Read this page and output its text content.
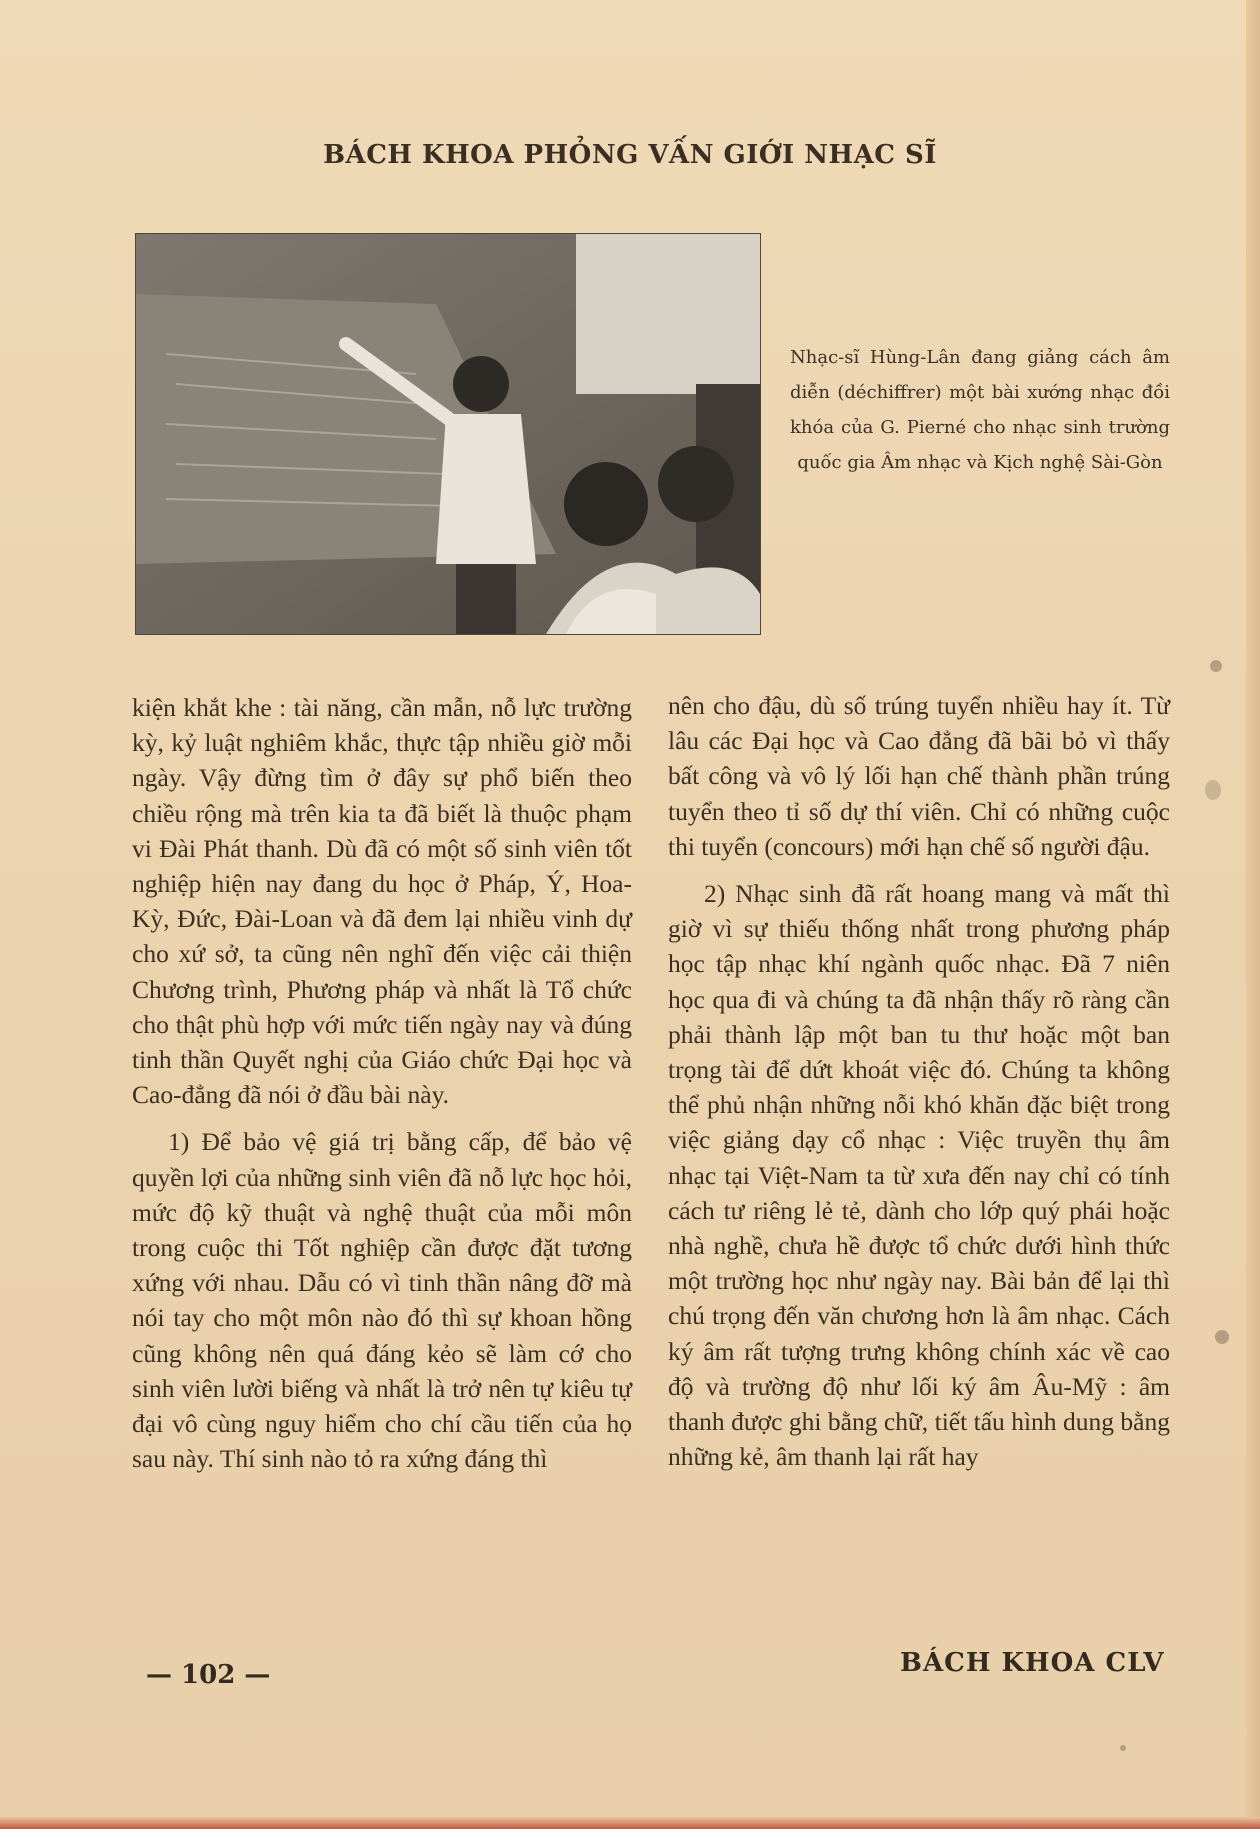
BÁCH KHOA PHỎNG VẤN GIỚI NHẠC SĨ
Nhạc-sĩ Hùng-Lân đang giảng cách âm diễn (déchiffrer) một bài xướng nhạc đồi khóa của G. Pierné cho nhạc sinh trường quốc gia Âm nhạc và Kịch nghệ Sài-Gòn

kiện khắt khe : tài năng, cần mẫn, nỗ lực trường kỳ, kỷ luật nghiêm khắc, thực tập nhiều giờ mỗi ngày. Vậy đừng tìm ở đây sự phổ biến theo chiều rộng mà trên kia ta đã biết là thuộc phạm vi Đài Phát thanh. Dù đã có một số sinh viên tốt nghiệp hiện nay đang du học ở Pháp, Ý, Hoa-Kỳ, Đức, Đài-Loan và đã đem lại nhiều vinh dự cho xứ sở, ta cũng nên nghĩ đến việc cải thiện Chương trình, Phương pháp và nhất là Tổ chức cho thật phù hợp với mức tiến ngày nay và đúng tinh thần Quyết nghị của Giáo chức Đại học và Cao-đẳng đã nói ở đầu bài này.

1) Để bảo vệ giá trị bằng cấp, để bảo vệ quyền lợi của những sinh viên đã nỗ lực học hỏi, mức độ kỹ thuật và nghệ thuật của mỗi môn trong cuộc thi Tốt nghiệp cần được đặt tương xứng với nhau. Dẫu có vì tinh thần nâng đỡ mà nói tay cho một môn nào đó thì sự khoan hồng cũng không nên quá đáng kẻo sẽ làm cớ cho sinh viên lười biếng và nhất là trở nên tự kiêu tự đại vô cùng nguy hiểm cho chí cầu tiến của họ sau này. Thí sinh nào tỏ ra xứng đáng thì

nên cho đậu, dù số trúng tuyển nhiều hay ít. Từ lâu các Đại học và Cao đẳng đã bãi bỏ vì thấy bất công và vô lý lối hạn chế thành phần trúng tuyển theo tỉ số dự thí viên. Chỉ có những cuộc thi tuyển (concours) mới hạn chế số người đậu.

2) Nhạc sinh đã rất hoang mang và mất thì giờ vì sự thiếu thống nhất trong phương pháp học tập nhạc khí ngành quốc nhạc. Đã 7 niên học qua đi và chúng ta đã nhận thấy rõ ràng cần phải thành lập một ban tu thư hoặc một ban trọng tài để dứt khoát việc đó. Chúng ta không thể phủ nhận những nỗi khó khăn đặc biệt trong việc giảng dạy cổ nhạc : Việc truyền thụ âm nhạc tại Việt-Nam ta từ xưa đến nay chỉ có tính cách tư riêng lẻ tẻ, dành cho lớp quý phái hoặc nhà nghề, chưa hề được tổ chức dưới hình thức một trường học như ngày nay. Bài bản để lại thì chú trọng đến văn chương hơn là âm nhạc. Cách ký âm rất tượng trưng không chính xác về cao độ và trường độ như lối ký âm Âu-Mỹ : âm thanh được ghi bằng chữ, tiết tấu hình dung bằng những kẻ, âm thanh lại rất hay

— 102 —	BÁCH KHOA CLV
